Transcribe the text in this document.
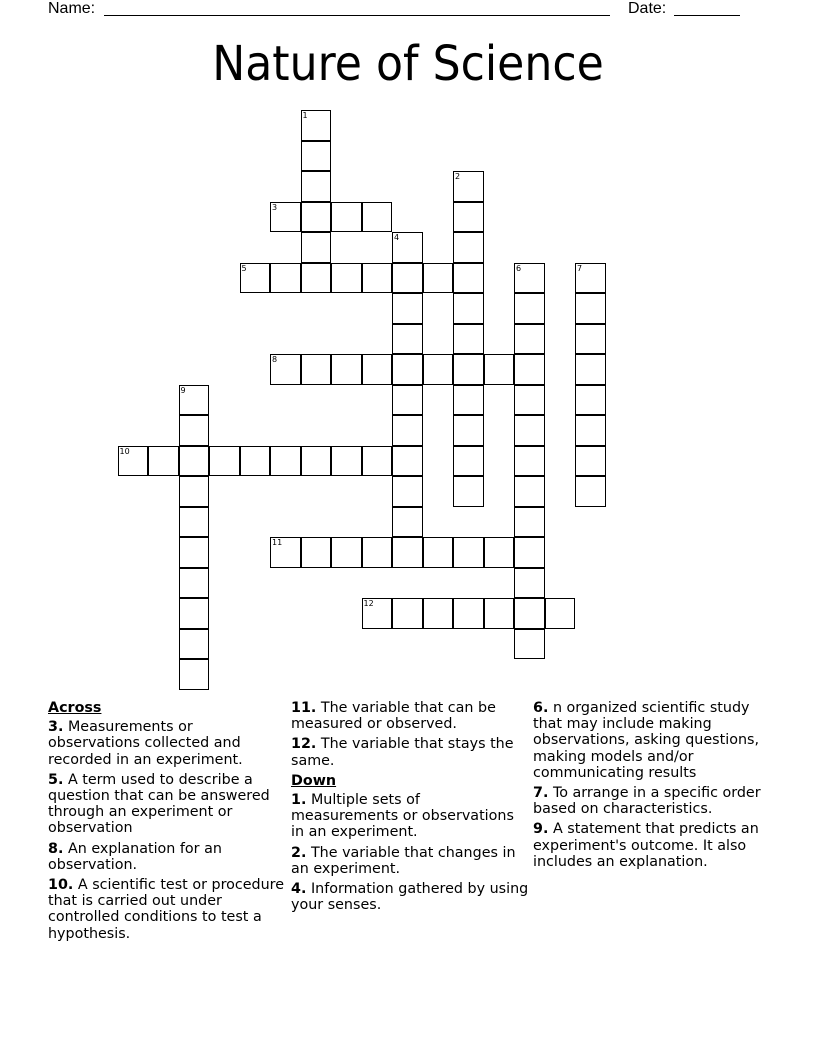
Name:	Date:
Nature of Science
1
2
3
4
5	6	7
8
9
10
11
12
Across
3. Measurements or observations collected and recorded in an experiment.
5. A term used to describe a question that can be answered through an experiment or observation
8. An explanation for an observation.
10. A scientific test or procedure that is carried out under controlled conditions to test a hypothesis.
11. The variable that can be measured or observed.
12. The variable that stays the same.
Down
1. Multiple sets of measurements or observations in an experiment.
2. The variable that changes in an experiment.
4. Information gathered by using your senses.
6. n organized scientific study that may include making observations, asking questions, making models and/or communicating results
7. To arrange in a specific order based on characteristics.
9. A statement that predicts an experiment's outcome. It also includes an explanation.
